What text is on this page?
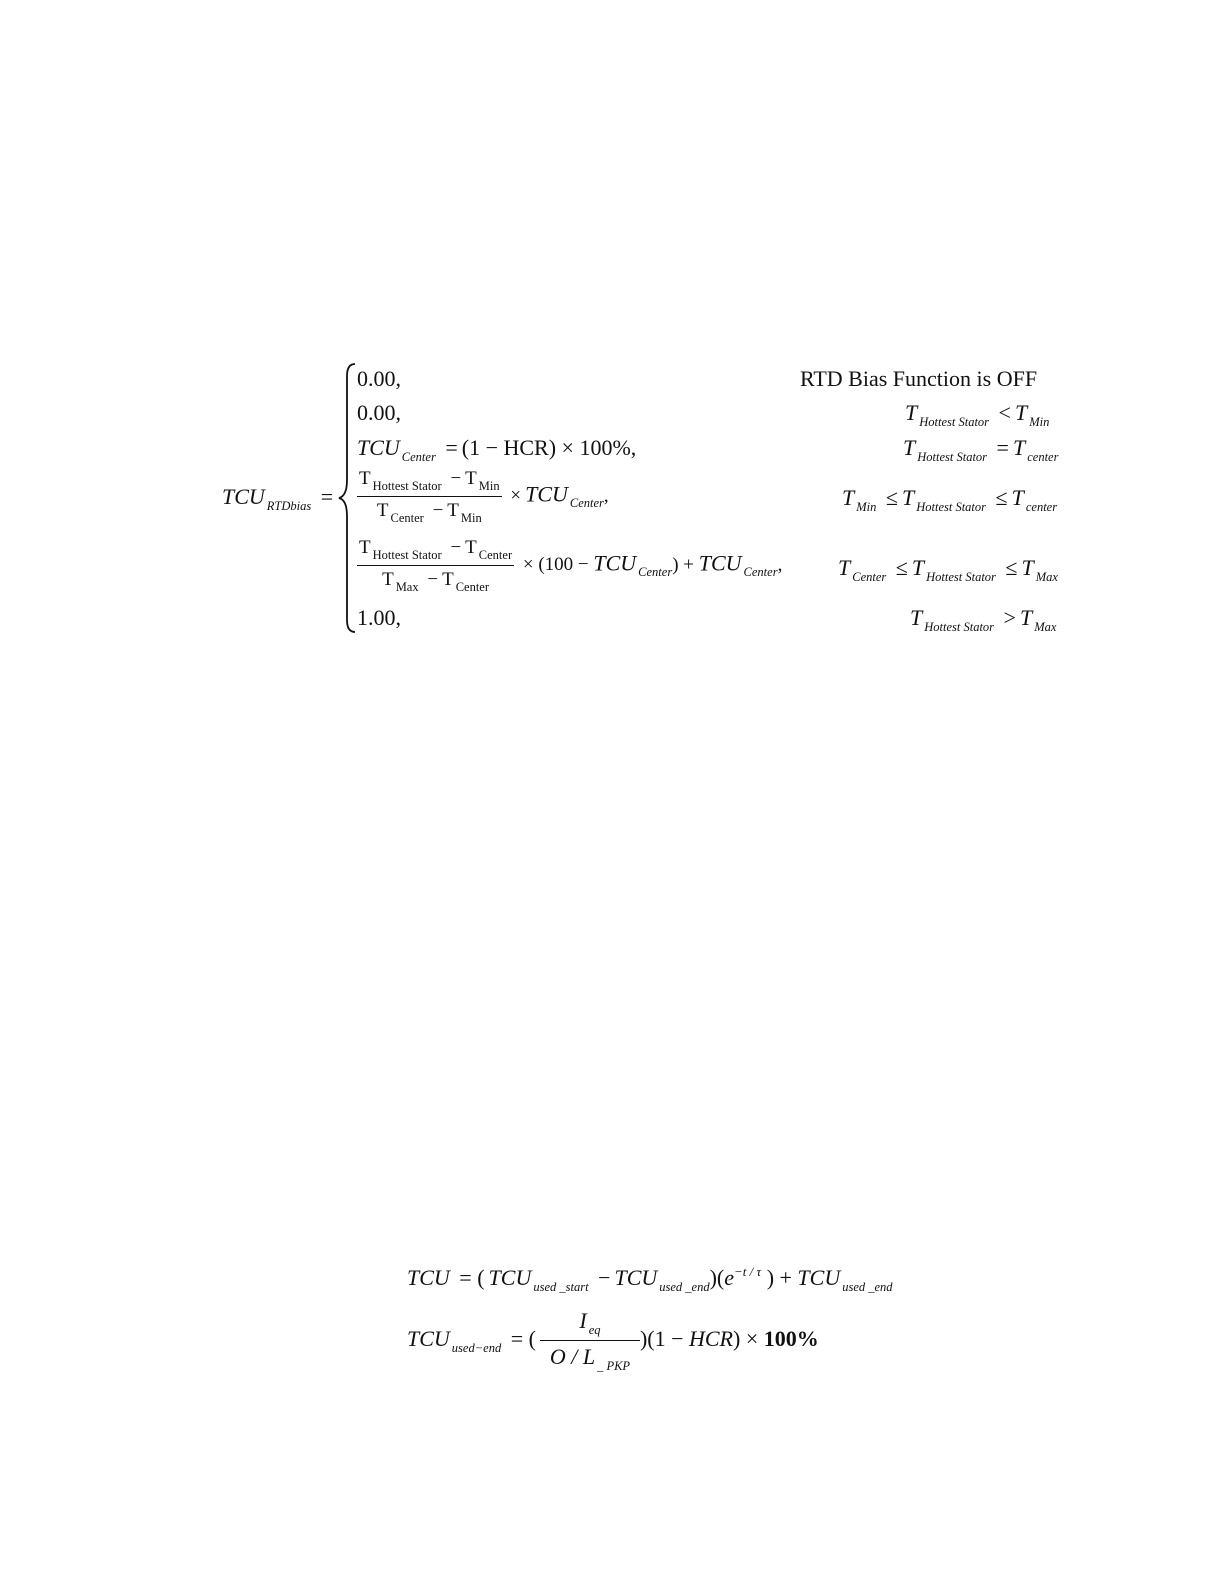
TCU $_{RTDbias}$ =
0.00,	RTD Bias Function is OFF
0.00,	T $_{Hottest Stator}$ < T $_{Min}$
TCU $_{Center}$ = (1 − HCR) × 100%,	T $_{Hottest Stator}$ = T $_{center}$
$\frac{T _{Hottest Stator} - T _{Min}}{T _{Center} - T _{Min}}$ × TCU $_{Center}$,	T $_{Min}$ ≤ T $_{Hottest Stator}$ ≤ T $_{center}$
$\frac{T _{Hottest Stator} - T _{Center}}{T _{Max} - T _{Center}} \times (100$ − TCU $_{Center}$) + TCU $_{Center}$,	T $_{Center}$ ≤ T $_{Hottest Stator}$ ≤ T $_{Max}$
1.00,	T $_{Hottest Stator}$ > T $_{Max}$
TCU = ( TCU $_{used \_start}$ − TCU $_{used \_end})(e^{-t / \tau}$ ) + TCU $_{used \_end}$
TCU $_{used-end}$ = ( $\frac{I _{eq}}{O / L _{\_ PKP}} )(1 - HCR) \times 100\%$
